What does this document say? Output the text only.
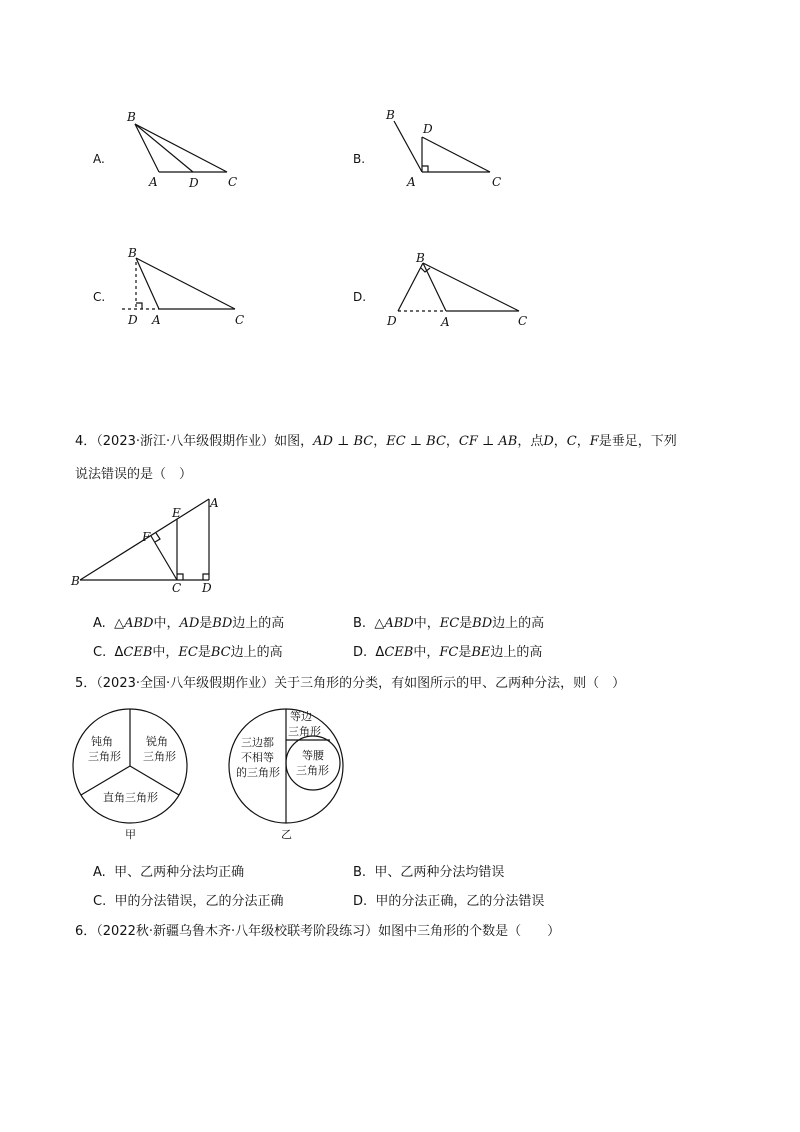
A.
B
A	D C
B.
B
D
A	C
C.
B
D A	C
D.
B
D	A	C
4．（2023·浙江·八年级假期作业）如图，AD ⊥ BC，EC ⊥ BC，CF ⊥ AB，点D，C，F是垂足，下列
说法错误的是（　）
A
E
F
B	C D
A. △ABD中，AD是BD边上的高	B. △ABD中，EC是BD边上的高
C. ΔCEB中，EC是BC边上的高	D. ΔCEB中，FC是BE边上的高
5．（2023·全国·八年级假期作业）关于三角形的分类，有如图所示的甲、乙两种分法，则（　）
钝角
三角形
锐角
三角形
直角三角形
甲
等边
三角形
三边都
不相等
的三角形
等腰
三角形
乙
A. 甲、乙两种分法均正确	B. 甲、乙两种分法均错误
C. 甲的分法错误，乙的分法正确	D. 甲的分法正确，乙的分法错误
6．（2022秋·新疆乌鲁木齐·八年级校联考阶段练习）如图中三角形的个数是（　　）
